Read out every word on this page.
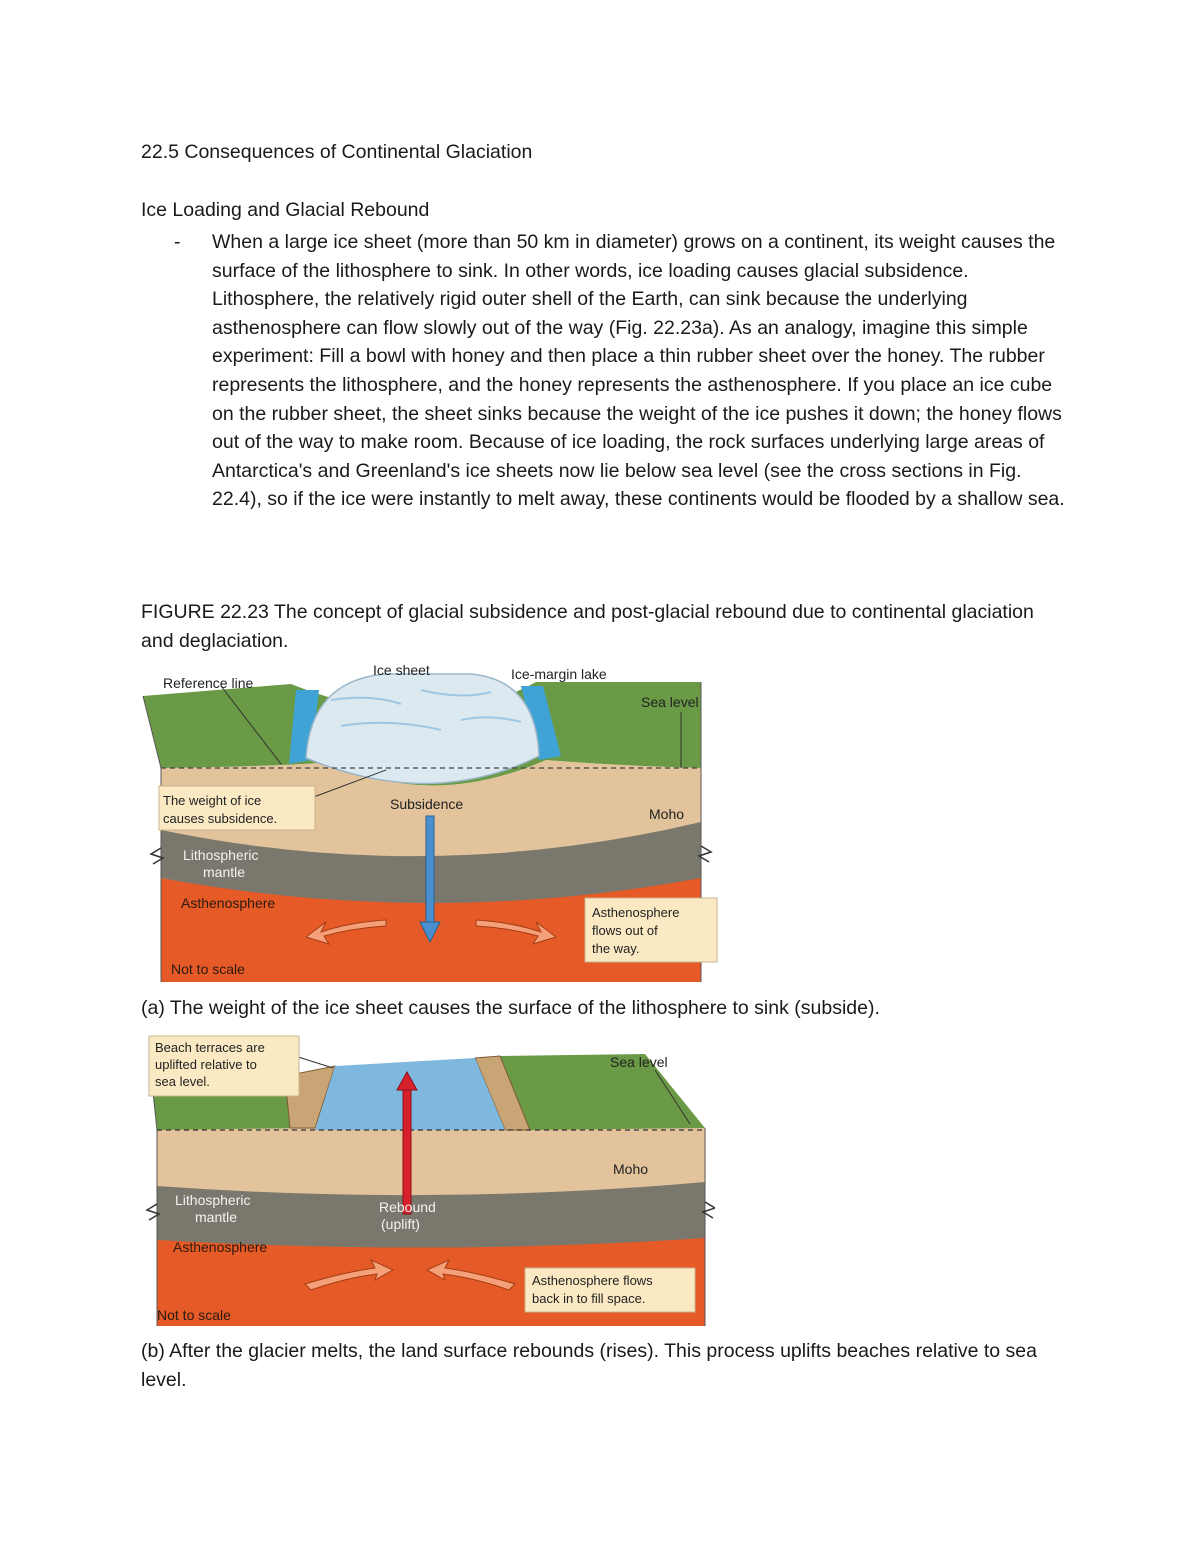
22.5 Consequences of Continental Glaciation
Ice Loading and Glacial Rebound
- When a large ice sheet (more than 50 km in diameter) grows on a continent, its weight causes the surface of the lithosphere to sink. In other words, ice loading causes glacial subsidence. Lithosphere, the relatively rigid outer shell of the Earth, can sink because the underlying asthenosphere can flow slowly out of the way (Fig. 22.23a). As an analogy, imagine this simple experiment: Fill a bowl with honey and then place a thin rubber sheet over the honey. The rubber represents the lithosphere, and the honey represents the asthenosphere. If you place an ice cube on the rubber sheet, the sheet sinks because the weight of the ice pushes it down; the honey flows out of the way to make room. Because of ice loading, the rock surfaces underlying large areas of Antarctica's and Greenland's ice sheets now lie below sea level (see the cross sections in Fig. 22.4), so if the ice were instantly to melt away, these continents would be flooded by a shallow sea.
FIGURE 22.23 The concept of glacial subsidence and post-glacial rebound due to continental glaciation and deglaciation.
Reference line
Ice sheet	Ice-margin lake
Sea level
The weight of ice
causes subsidence.
Subsidence
Moho
Lithospheric
mantle
Asthenosphere
Asthenosphere
flows out of
the way.
Not to scale
(a) The weight of the ice sheet causes the surface of the lithosphere to sink (subside).
Beach terraces are
uplifted relative to
sea level.
Sea level
Moho
Lithospheric
mantle
Rebound
(uplift)
Asthenosphere
Asthenosphere flows
back in to fill space.
Not to scale
(b) After the glacier melts, the land surface rebounds (rises). This process uplifts beaches relative to sea level.
